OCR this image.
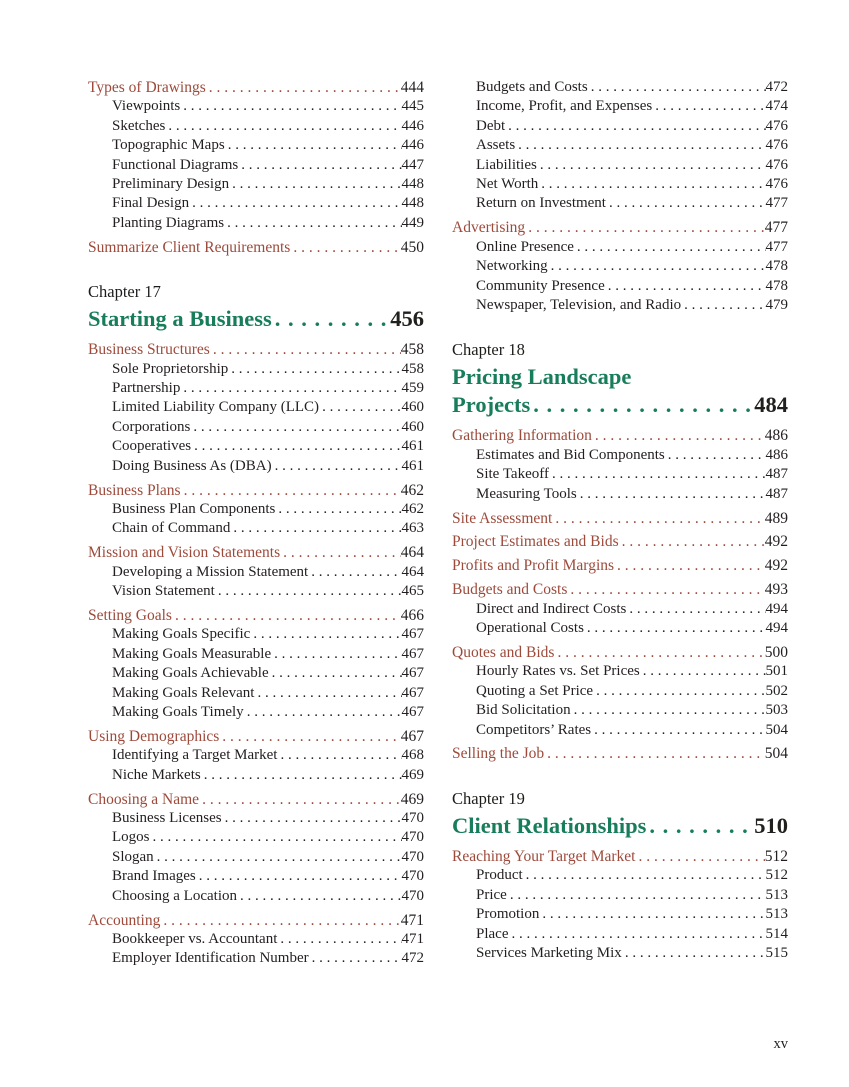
Types of Drawings . . .	444
Viewpoints . . .	445
Sketches . . .	446
Topographic Maps . . .	446
Functional Diagrams . . .	447
Preliminary Design . . .	448
Final Design . . .	448
Planting Diagrams . . .	449
Summarize Client Requirements . . .	450
Chapter 17
Starting a Business . . .	456
Business Structures . . .	458
Sole Proprietorship . . .	458
Partnership . . .	459
Limited Liability Company (LLC) . . .	460
Corporations . . .	460
Cooperatives . . .	461
Doing Business As (DBA) . . .	461
Business Plans . . .	462
Business Plan Components . . .	462
Chain of Command . . .	463
Mission and Vision Statements . . .	464
Developing a Mission Statement . . .	464
Vision Statement . . .	465
Setting Goals . . .	466
Making Goals Specific . . .	467
Making Goals Measurable . . .	467
Making Goals Achievable . . .	467
Making Goals Relevant . . .	467
Making Goals Timely . . .	467
Using Demographics . . .	467
Identifying a Target Market . . .	468
Niche Markets . . .	469
Choosing a Name . . .	469
Business Licenses . . .	470
Logos . . .	470
Slogan . . .	470
Brand Images . . .	470
Choosing a Location . . .	470
Accounting . . .	471
Bookkeeper vs. Accountant . . .	471
Employer Identification Number . . .	472
Budgets and Costs . . .	472
Income, Profit, and Expenses . . .	474
Debt . . .	476
Assets . . .	476
Liabilities . . .	476
Net Worth . . .	476
Return on Investment . . .	477
Advertising . . .	477
Online Presence . . .	477
Networking . . .	478
Community Presence . . .	478
Newspaper, Television, and Radio . . .	479
Chapter 18
Pricing Landscape
Projects . . .	484
Gathering Information . . .	486
Estimates and Bid Components . . .	486
Site Takeoff . . .	487
Measuring Tools . . .	487
Site Assessment . . .	489
Project Estimates and Bids . . .	492
Profits and Profit Margins . . .	492
Budgets and Costs . . .	493
Direct and Indirect Costs . . .	494
Operational Costs . . .	494
Quotes and Bids . . .	500
Hourly Rates vs. Set Prices . . .	501
Quoting a Set Price . . .	502
Bid Solicitation . . .	503
Competitors’ Rates . . .	504
Selling the Job . . .	504
Chapter 19
Client Relationships . . .	510
Reaching Your Target Market . . .	512
Product . . .	512
Price . . .	513
Promotion . . .	513
Place . . .	514
Services Marketing Mix . . .	515
xv
